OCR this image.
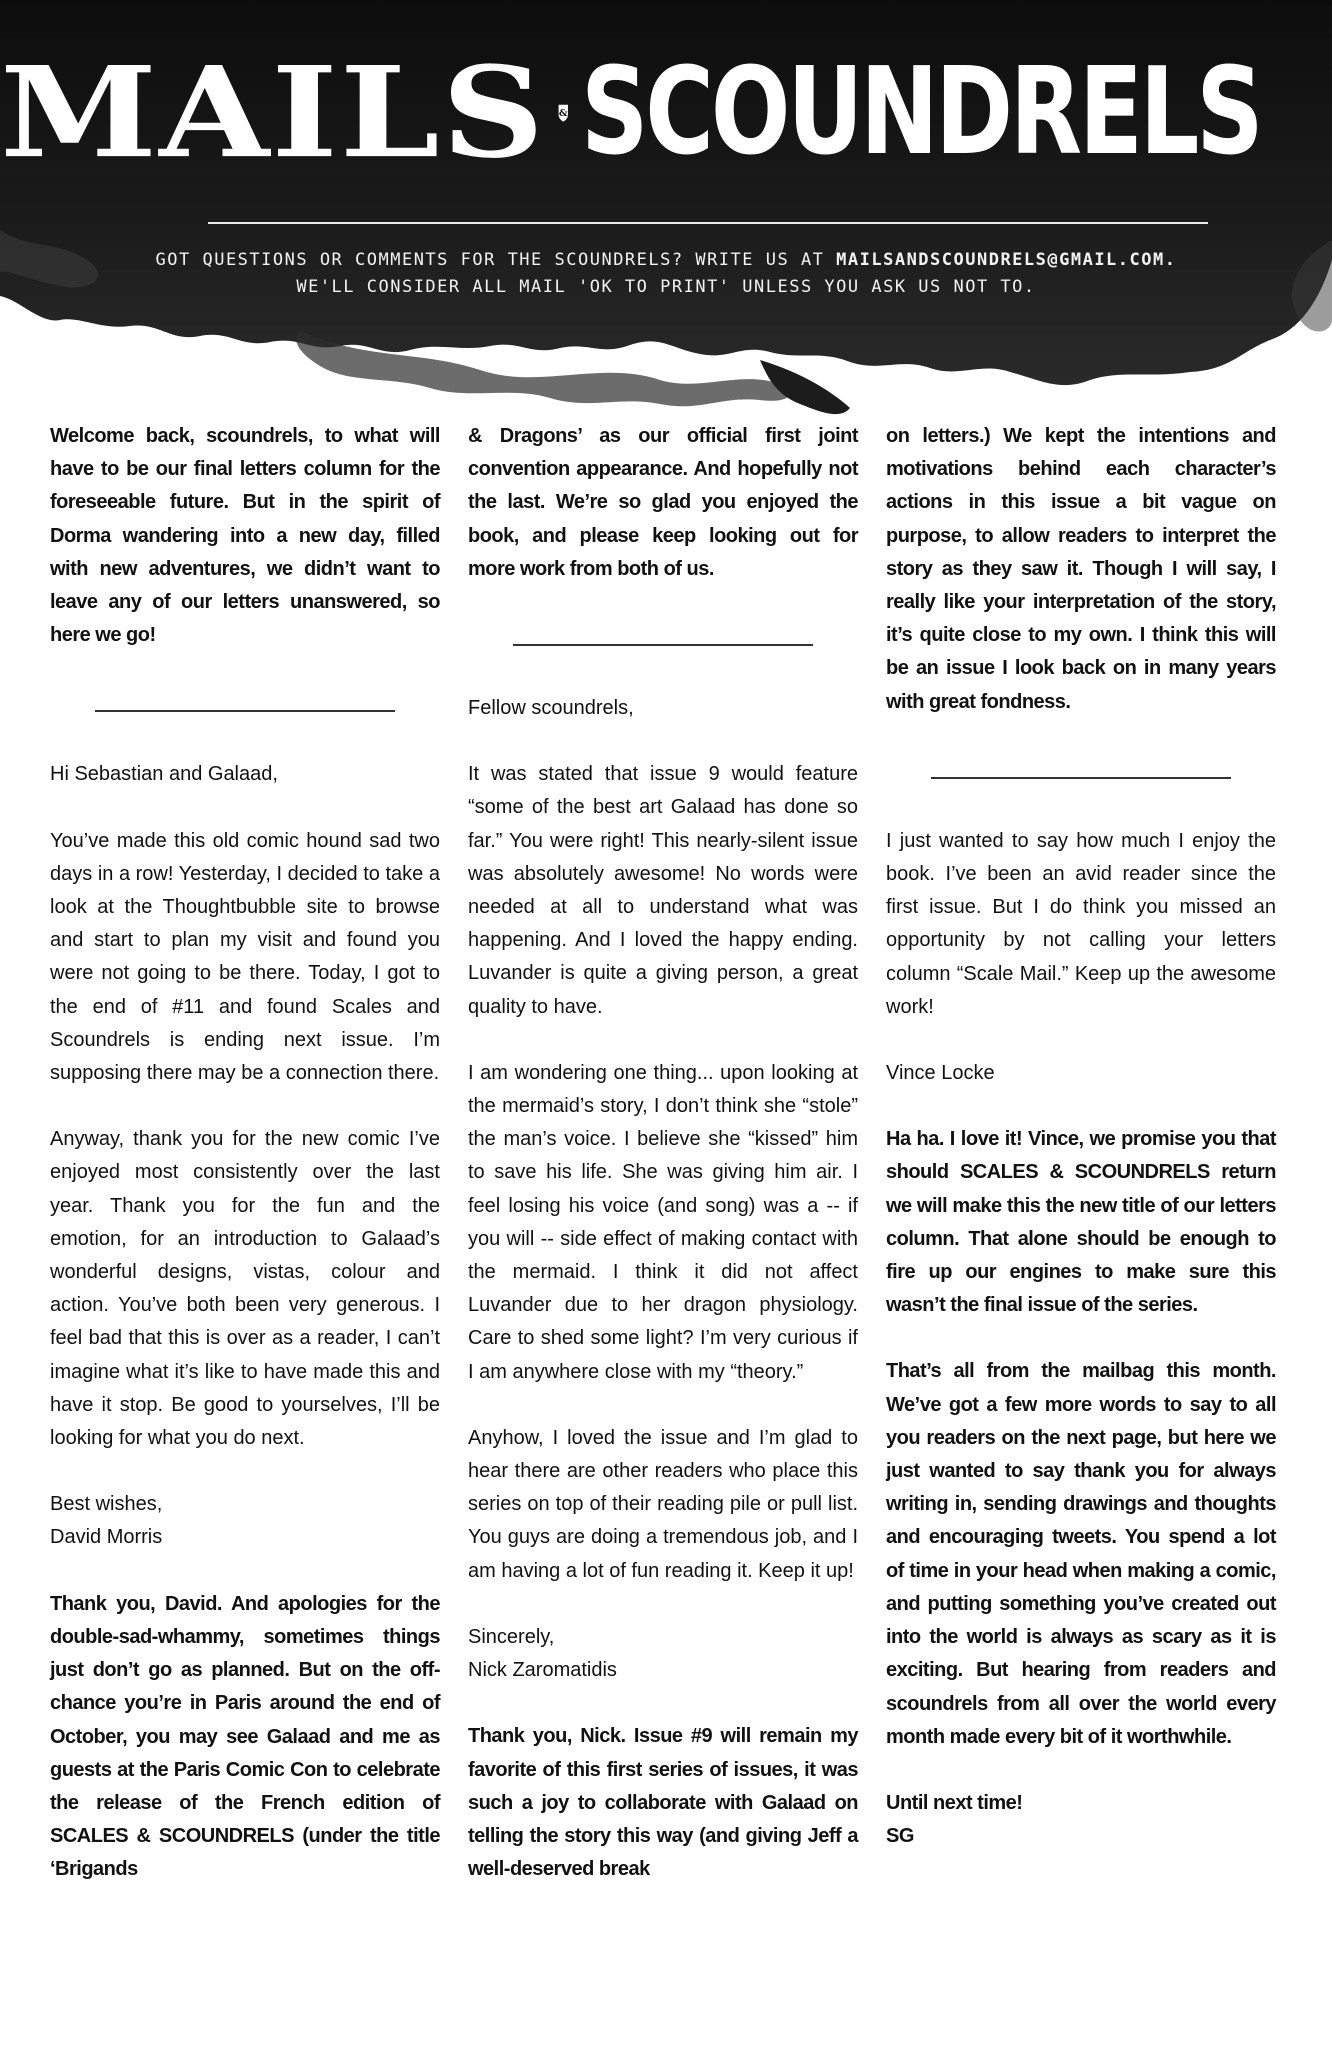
MAILS & SCOUNDRELS
GOT QUESTIONS OR COMMENTS FOR THE SCOUNDRELS? WRITE US AT MAILSANDSCOUNDRELS@GMAIL.COM.
WE'LL CONSIDER ALL MAIL 'OK TO PRINT' UNLESS YOU ASK US NOT TO.

Welcome back, scoundrels, to what will have to be our final letters column for the foreseeable future. But in the spirit of Dorma wandering into a new day, filled with new adventures, we didn’t want to leave any of our letters unanswered, so here we go!

Hi Sebastian and Galaad,

You’ve made this old comic hound sad two days in a row! Yesterday, I decided to take a look at the Thoughtbubble site to browse and start to plan my visit and found you were not going to be there. Today, I got to the end of #11 and found Scales and Scoundrels is ending next issue. I’m supposing there may be a connection there.

Anyway, thank you for the new comic I’ve enjoyed most consistently over the last year. Thank you for the fun and the emotion, for an introduction to Galaad’s wonderful designs, vistas, colour and action. You’ve both been very generous. I feel bad that this is over as a reader, I can’t imagine what it’s like to have made this and have it stop. Be good to yourselves, I’ll be looking for what you do next.

Best wishes,

David Morris

Thank you, David. And apologies for the double-sad-whammy, sometimes things just don’t go as planned. But on the off-chance you’re in Paris around the end of October, you may see Galaad and me as guests at the Paris Comic Con to celebrate the release of the French edition of SCALES & SCOUNDRELS (under the title ‘Brigands

& Dragons’ as our official first joint convention appearance. And hopefully not the last. We’re so glad you enjoyed the book, and please keep looking out for more work from both of us.

Fellow scoundrels,

It was stated that issue 9 would feature “some of the best art Galaad has done so far.” You were right! This nearly-silent issue was absolutely awesome! No words were needed at all to understand what was happening. And I loved the happy ending. Luvander is quite a giving person, a great quality to have.

I am wondering one thing... upon looking at the mermaid’s story, I don’t think she “stole” the man’s voice. I believe she “kissed” him to save his life. She was giving him air. I feel losing his voice (and song) was a -- if you will -- side effect of making contact with the mermaid. I think it did not affect Luvander due to her dragon physiology. Care to shed some light? I’m very curious if I am anywhere close with my “theory.”

Anyhow, I loved the issue and I’m glad to hear there are other readers who place this series on top of their reading pile or pull list. You guys are doing a tremendous job, and I am having a lot of fun reading it. Keep it up!

Sincerely,

Nick Zaromatidis

Thank you, Nick. Issue #9 will remain my favorite of this first series of issues, it was such a joy to collaborate with Galaad on telling the story this way (and giving Jeff a well-deserved break

on letters.) We kept the intentions and motivations behind each character’s actions in this issue a bit vague on purpose, to allow readers to interpret the story as they saw it. Though I will say, I really like your interpretation of the story, it’s quite close to my own. I think this will be an issue I look back on in many years with great fondness.

I just wanted to say how much I enjoy the book. I’ve been an avid reader since the first issue. But I do think you missed an opportunity by not calling your letters column “Scale Mail.” Keep up the awesome work!

Vince Locke

Ha ha. I love it! Vince, we promise you that should SCALES & SCOUNDRELS return we will make this the new title of our letters column. That alone should be enough to fire up our engines to make sure this wasn’t the final issue of the series.

That’s all from the mailbag this month. We’ve got a few more words to say to all you readers on the next page, but here we just wanted to say thank you for always writing in, sending drawings and thoughts and encouraging tweets. You spend a lot of time in your head when making a comic, and putting something you’ve created out into the world is always as scary as it is exciting. But hearing from readers and scoundrels from all over the world every month made every bit of it worthwhile.

Until next time!

SG
